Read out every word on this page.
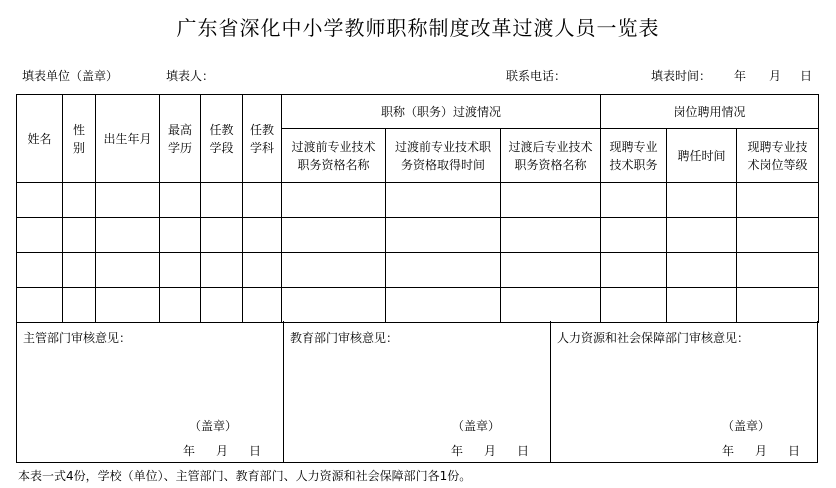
广东省深化中小学教师职称制度改革过渡人员一览表
填表单位（盖章）	填表人：	联系电话：	填表时间： 年 月 日
姓名	性别	出生年月	最高学历	任教学段	任教学科	职称（职务）过渡情况			岗位聘用情况		
						过渡前专业技术职务资格名称	过渡前专业技术职务资格取得时间	过渡后专业技术职务资格名称	现聘专业技术职务	聘任时间	现聘专业技术岗位等级

主管部门审核意见：
（盖章）
年 月 日
教育部门审核意见：
（盖章）
年 月 日
人力资源和社会保障部门审核意见：
（盖章）
年 月 日
本表一式4份，学校（单位）、主管部门、教育部门、人力资源和社会保障部门各1份。
